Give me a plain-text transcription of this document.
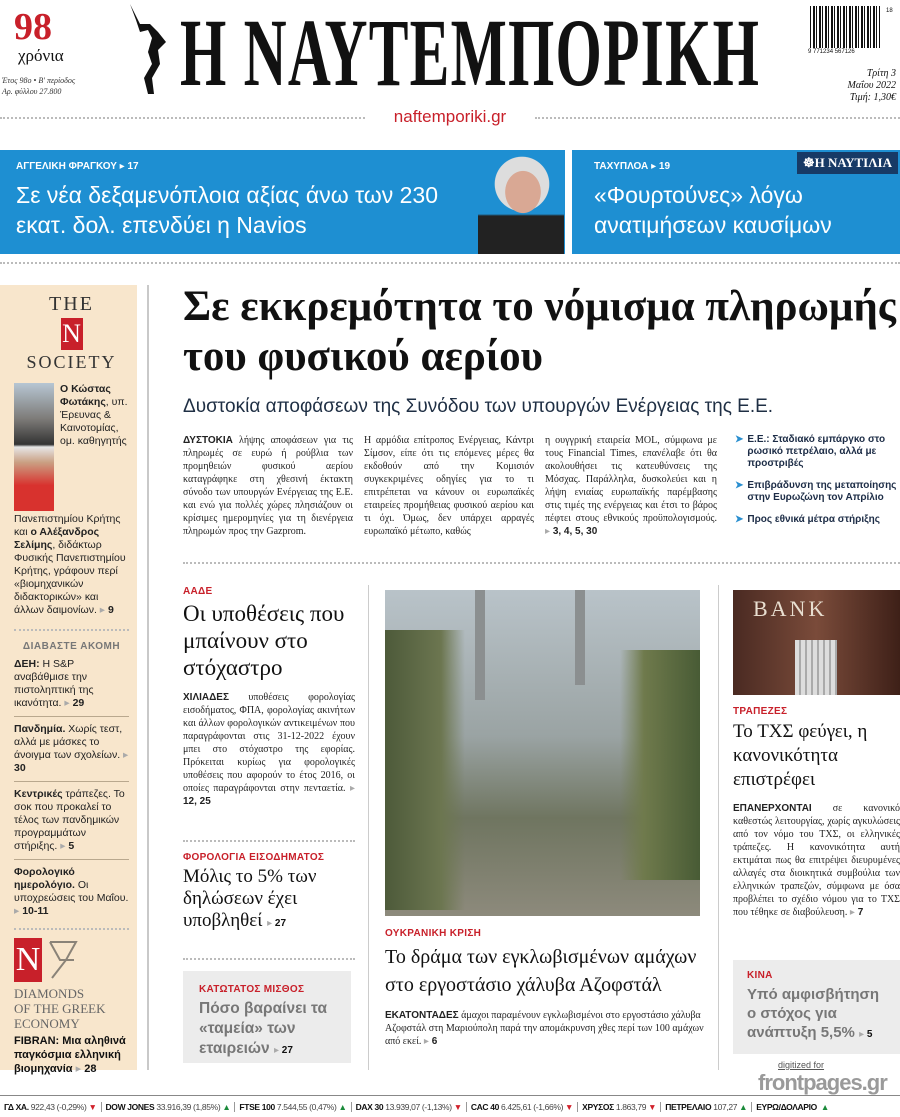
98
χρόνια
Έτος 98ο • Β' περίοδος
Αρ. φύλλου 27.800 Η ΝΑΥΤΕΜΠΟΡΙΚΗ	9 771234 567126
18
Τρίτη 3
Μαΐου 2022
Τιμή: 1,30€
naftemporiki.gr
ΑΓΓΕΛΙΚΗ ΦΡΑΓΚΟΥ ▸ 17
Σε νέα δεξαμενόπλοια αξίας άνω των 230 εκατ. δολ. επενδύει η Navios
ΤΑΧΥΠΛΟΑ ▸ 19	☸Η ΝΑΥΤΙΛΙΑ
«Φουρτούνες» λόγω ανατιμήσεων καυσίμων
THE
N
SOCIETY
Ο Κώστας Φωτάκης, υπ. Έρευνας & Καινοτομίας, ομ. καθηγητής Πανεπιστημίου Κρήτης και ο Αλέξανδρος Σελίμης, διδάκτωρ Φυσικής Πανεπιστημίου Κρήτης, γράφουν περί «βιομηχανικών διδακτορικών» και άλλων δαιμονίων. ▸ 9
ΔΙΑΒΑΣΤΕ ΑΚΟΜΗ
ΔΕΗ: Η S&P αναβάθμισε την πιστοληπτική της ικανότητα. ▸ 29
Πανδημία. Χωρίς τεστ, αλλά με μάσκες το άνοιγμα των σχολείων. ▸ 30
Κεντρικές τράπεζες. Το σοκ που προκαλεί το τέλος των πανδημικών προγραμμάτων στήριξης. ▸ 5
Φορολογικό ημερολόγιο. Οι υποχρεώσεις του Μαΐου. ▸ 10-11
N
DIAMONDS
OF THE GREEK
ECONOMY
FIBRAN: Μια αληθινά παγκόσμια ελληνική βιομηχανία ▸ 28
Σε εκκρεμότητα το νόμισμα πληρωμής του φυσικού αερίου
Δυστοκία αποφάσεων της Συνόδου των υπουργών Ενέργειας της Ε.Ε.
ΔΥΣΤΟΚΙΑ λήψης αποφάσεων για τις πληρωμές σε ευρώ ή ρούβλια των προμηθειών φυσικού αερίου καταγράφηκε στη χθεσινή έκτακτη σύνοδο των υπουργών Ενέργειας της Ε.Ε. και ενώ για πολλές χώρες πλησιάζουν οι κρίσιμες ημερομηνίες για τη διενέργεια πληρωμών προς την Gazprom.
Η αρμόδια επίτροπος Ενέργειας, Κάντρι Σίμσον, είπε ότι τις επόμενες μέρες θα εκδοθούν από την Κομισιόν συγκεκριμένες οδηγίες για το τι επιτρέπεται να κάνουν οι ευρωπαϊκές εταιρείες προμήθειας φυσικού αερίου και τι όχι. Όμως, δεν υπάρχει αρραγές ευρωπαϊκό μέτωπο, καθώς
η ουγγρική εταιρεία MOL, σύμφωνα με τους Financial Times, επανέλαβε ότι θα ακολουθήσει τις κατευθύνσεις της Μόσχας. Παράλληλα, δυσκολεύει και η λήψη ενιαίας ευρωπαϊκής παρέμβασης στις τιμές της ενέργειας και έτσι το βάρος πέφτει στους εθνικούς προϋπολογισμούς. ▸ 3, 4, 5, 30
➤ Ε.Ε.: Σταδιακό εμπάργκο στο ρωσικό πετρέλαιο, αλλά με προστριβές
➤ Επιβράδυνση της μεταποίησης στην Ευρωζώνη τον Απρίλιο
➤ Προς εθνικά μέτρα στήριξης
ΑΑΔΕ
Οι υποθέσεις που μπαίνουν στο στόχαστρο
ΧΙΛΙΑΔΕΣ υποθέσεις φορολογίας εισοδήματος, ΦΠΑ, φορολογίας ακινήτων και άλλων φορολογικών αντικειμένων που παραγράφονται στις 31-12-2022 έχουν μπει στο στόχαστρο της εφορίας. Πρόκειται κυρίως για φορολογικές υποθέσεις που αφορούν το έτος 2016, οι οποίες παραγράφονται στην πενταετία. ▸ 12, 25
ΦΟΡΟΛΟΓΙΑ ΕΙΣΟΔΗΜΑΤΟΣ
Μόλις το 5% των δηλώσεων έχει υποβληθεί ▸ 27
ΚΑΤΩΤΑΤΟΣ ΜΙΣΘΟΣ
Πόσο βαραίνει τα «ταμεία» των εταιρειών ▸ 27
ΟΥΚΡΑΝΙΚΗ ΚΡΙΣΗ
Το δράμα των εγκλωβισμένων αμάχων στο εργοστάσιο χάλυβα Αζοφστάλ
ΕΚΑΤΟΝΤΑΔΕΣ άμαχοι παραμένουν εγκλωβισμένοι στο εργοστάσιο χάλυβα Αζοφστάλ στη Μαριούπολη παρά την απομάκρυνση χθες περί των 100 αμάχων από εκεί. ▸ 6
BANK
ΤΡΑΠΕΖΕΣ
Το ΤΧΣ φεύγει, η κανονικότητα επιστρέφει
ΕΠΑΝΕΡΧΟΝΤΑΙ σε κανονικό καθεστώς λειτουργίας, χωρίς αγκυλώσεις από τον νόμο του ΤΧΣ, οι ελληνικές τράπεζες. Η κανονικότητα αυτή εκτιμάται πως θα επιτρέψει διευρυμένες αλλαγές στα διοικητικά συμβούλια των ελληνικών τραπεζών, σύμφωνα με όσα προβλέπει το σχέδιο νόμου για το ΤΧΣ που τέθηκε σε διαβούλευση. ▸ 7
ΚΙΝΑ
Υπό αμφισβήτηση ο στόχος για ανάπτυξη 5,5% ▸ 5
digitized for
frontpages.gr
ΓΔ ΧΑ. 922,43 (-0,29%) ▼ DOW JONES 33.916,39 (1,85%) ▲ FTSE 100 7.544,55 (0,47%) ▲ DAX 30 13.939,07 (-1,13%) ▼ CAC 40 6.425,61 (-1,66%) ▼ ΧΡΥΣΟΣ 1.863,79 ▼ ΠΕΤΡΕΛΑΙΟ 107,27 ▲ ΕΥΡΩ/ΔΟΛΑΡΙΟ ▲
